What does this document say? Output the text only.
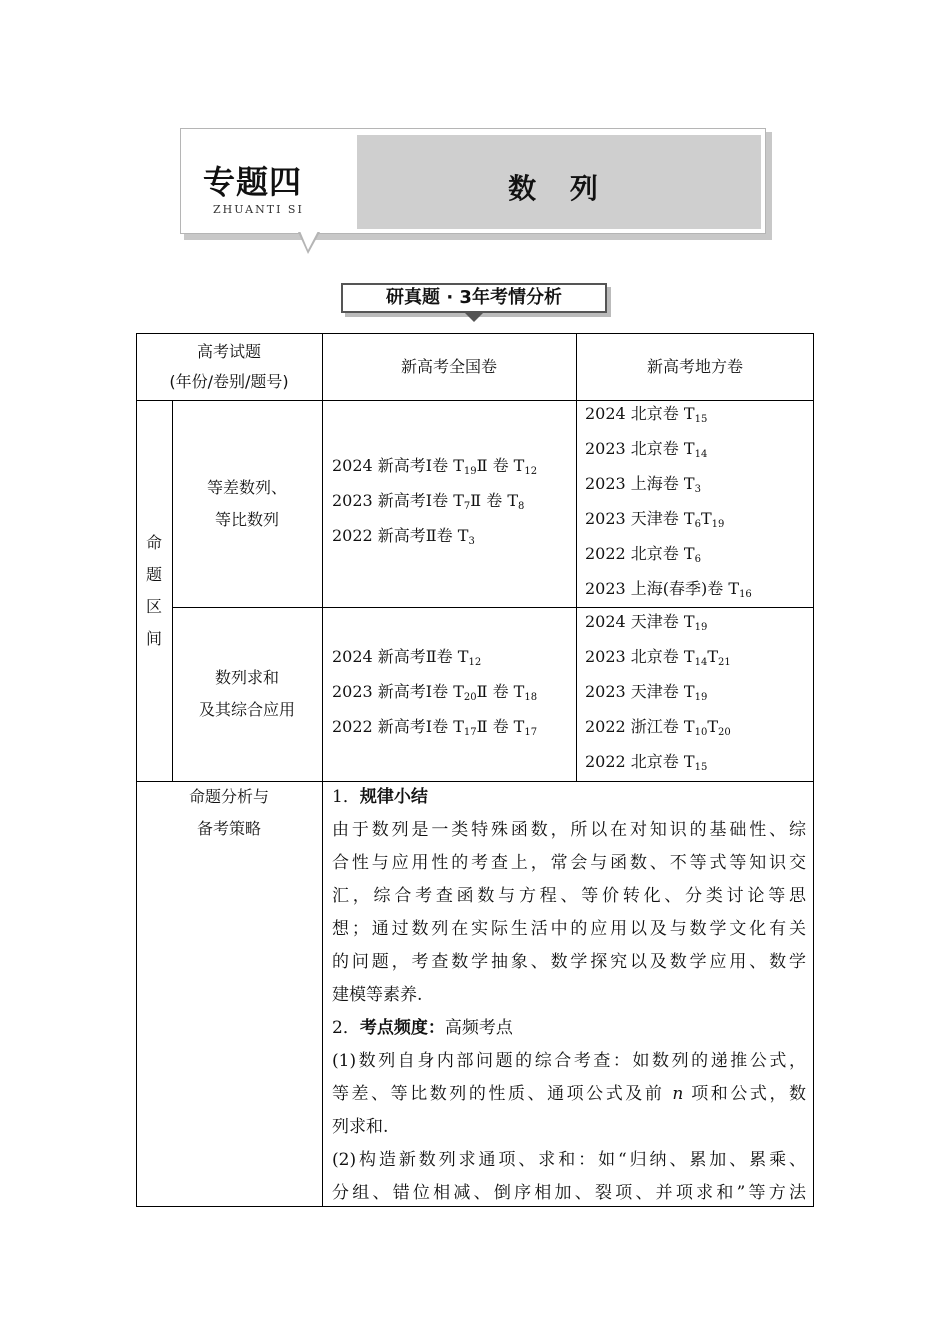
专题四
ZHUANTI SI
数 列
研真题 · 3年考情分析
高考试题
(年份/卷别/题号)
新高考全国卷	新高考地方卷
命题区间
等差数列、
等比数列
2024 新高考Ⅰ卷 $T_{19}Ⅱ$ 卷 $T_{12}$
2023 新高考Ⅰ卷 $T_7Ⅱ$ 卷 $T_8$
2022 新高考Ⅱ卷 $T_3$
2024 北京卷 $T_{15}$
2023 北京卷 $T_{14}$
2023 上海卷 $T_3$
2023 天津卷 $T_6T_{19}$
2022 北京卷 $T_6$
2023 上海(春季)卷 $T_{16}$
数列求和
及其综合应用
2024 新高考Ⅱ卷 $T_{12}$
2023 新高考Ⅰ卷 $T_{20}Ⅱ$ 卷 $T_{18}$
2022 新高考Ⅰ卷 $T_{17}Ⅱ$ 卷 $T_{17}$
2024 天津卷 $T_{19}$
2023 北京卷 $T_{14}T_{21}$
2023 天津卷 $T_{19}$
2022 浙江卷 $T_{10}T_{20}$
2022 北京卷 $T_{15}$
命题分析与
备考策略
1．规律小结
由于数列是一类特殊函数，所以在对知识的基础性、综
合性与应用性的考查上，常会与函数、不等式等知识交
汇，综合考查函数与方程、等价转化、分类讨论等思
想；通过数列在实际生活中的应用以及与数学文化有关
的问题，考查数学抽象、数学探究以及数学应用、数学
建模等素养.
2．考点频度：高频考点
(1)数列自身内部问题的综合考查：如数列的递推公式，
等差、等比数列的性质、通项公式及前 n 项和公式，数
列求和.
(2)构造新数列求通项、求和：如“归纳、累加、累乘、
分组、错位相减、倒序相加、裂项、并项求和”等方法
